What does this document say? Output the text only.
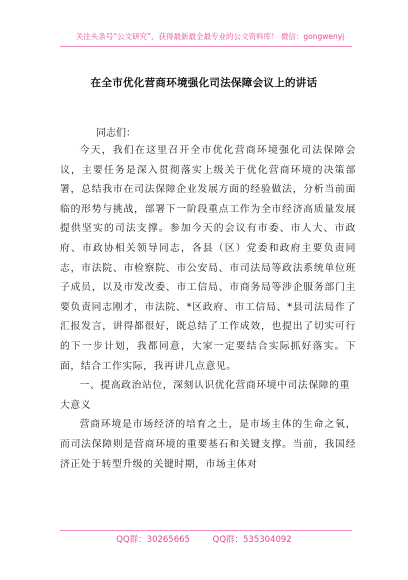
关注头条号“公文研究”，获得最新最全最专业的公文资料库！ 微信：gongwenyj
在全市优化营商环境强化司法保障会议上的讲话
同志们：

今天，我们在这里召开全市优化营商环境强化司法保障会议，主要任务是深入贯彻落实上级关于优化营商环境的决策部署，总结我市在司法保障企业发展方面的经验做法，分析当前面临的形势与挑战，部署下一阶段重点工作为全市经济高质量发展提供坚实的司法支撑。参加今天的会议有市委、市人大、市政府、市政协相关领导同志，各县（区）党委和政府主要负责同志，市法院、市检察院、市公安局、市司法局等政法系统单位班子成员，以及市发改委、市工信局、市商务局等涉企服务部门主要负责同志刚才，市法院、*区政府、市工信局、*县司法局作了汇报发言，讲得都很好，既总结了工作成效，也提出了切实可行的下一步计划，我都同意，大家一定要结合实际抓好落实。下面，结合工作实际，我再讲几点意见。

一、提高政治站位，深刻认识优化营商环境中司法保障的重大意义

营商环境是市场经济的培育之土，是市场主体的生命之氧，而司法保障则是营商环境的重要基石和关键支撑。当前，我国经济正处于转型升级的关键时期，市场主体对

QQ群：30265665	QQ群：535304092
